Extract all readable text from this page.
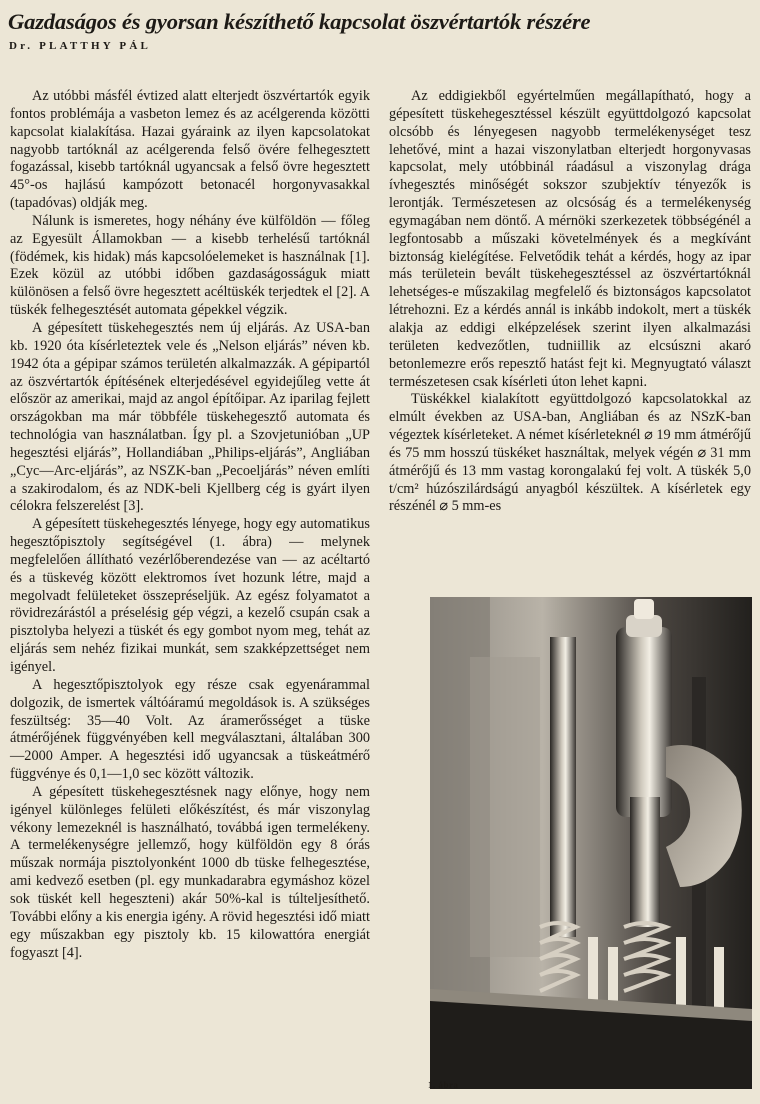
Gazdaságos és gyorsan készíthető kapcsolat öszvértartók részére
Dr. PLATTHY PÁL

Az utóbbi másfél évtized alatt elterjedt öszvértartók egyik fontos problémája a vasbeton lemez és az acélgerenda közötti kapcsolat kialakítása. Hazai gyáraink az ilyen kapcsolatokat nagyobb tartóknál az acélgerenda felső övére felhegesztett fogazással, kisebb tartóknál ugyancsak a felső övre hegesztett 45°-os hajlású kampózott betonacél horgonyvasakkal (tapadóvas) oldják meg.

Nálunk is ismeretes, hogy néhány éve külföldön — főleg az Egyesült Államokban — a kisebb terhelésű tartóknál (födémek, kis hidak) más kapcsolóelemeket is használnak [1]. Ezek közül az utóbbi időben gazdaságosságuk miatt különösen a felső övre hegesztett acéltüskék terjedtek el [2]. A tüskék felhegesztését automata gépekkel végzik.

A gépesített tüskehegesztés nem új eljárás. Az USA-ban kb. 1920 óta kísérleteztek vele és „Nelson eljárás” néven kb. 1942 óta a gépipar számos területén alkalmazzák. A gépipartól az öszvértartók építésének elterjedésével egyidejűleg vette át először az amerikai, majd az angol építőipar. Az iparilag fejlett országokban ma már többféle tüskehegesztő automata és technológia van használatban. Így pl. a Szovjetunióban „UP hegesztési eljárás”, Hollandiában „Philips-eljárás”, Angliában „Cyc—Arc-eljárás”, az NSZK-ban „Pecoeljárás” néven említi a szakirodalom, és az NDK-beli Kjellberg cég is gyárt ilyen célokra felszerelést [3].

A gépesített tüskehegesztés lényege, hogy egy automatikus hegesztőpisztoly segítségével (1. ábra) — melynek megfelelően állítható vezérlőberendezése van — az acéltartó és a tüskevég között elektromos ívet hozunk létre, majd a megolvadt felületeket összepréseljük. Az egész folyamatot a rövidrezárástól a préselésig gép végzi, a kezelő csupán csak a pisztolyba helyezi a tüskét és egy gombot nyom meg, tehát az eljárás sem nehéz fizikai munkát, sem szakképzettséget nem igényel.

A hegesztőpisztolyok egy része csak egyenárammal dolgozik, de ismertek váltóáramú megoldások is. A szükséges feszültség: 35—40 Volt. Az áramerősséget a tüske átmérőjének függvényében kell megválasztani, általában 300—2000 Amper. A hegesztési idő ugyancsak a tüskeátmérő függvénye és 0,1—1,0 sec között változik.

A gépesített tüskehegesztésnek nagy előnye, hogy nem igényel különleges felületi előkészítést, és már viszonylag vékony lemezeknél is használható, továbbá igen termelékeny. A termelékenységre jellemző, hogy külföldön egy 8 órás műszak normája pisztolyonként 1000 db tüske felhegesztése, ami kedvező esetben (pl. egy munkadarabra egymáshoz közel sok tüskét kell hegeszteni) akár 50%-kal is túlteljesíthető. További előny a kis energia igény. A rövid hegesztési idő miatt egy műszakban egy pisztoly kb. 15 kilowattóra energiát fogyaszt [4].

Az eddigiekből egyértelműen megállapítható, hogy a gépesített tüskehegesztéssel készült együttdolgozó kapcsolat olcsóbb és lényegesen nagyobb termelékenységet tesz lehetővé, mint a hazai viszonylatban elterjedt horgonyvasas kapcsolat, mely utóbbinál ráadásul a viszonylag drága ívhegesztés minőségét sokszor szubjektív tényezők is lerontják. Természetesen az olcsóság és a termelékenység egymagában nem döntő. A mérnöki szerkezetek többségénél a legfontosabb a műszaki követelmények és a megkívánt biztonság kielégítése. Felvetődik tehát a kérdés, hogy az ipar más területein bevált tüskehegesztéssel az öszvértartóknál lehetséges-e műszakilag megfelelő és biztonságos kapcsolatot létrehozni. Ez a kérdés annál is inkább indokolt, mert a tüskék alakja az eddigi elképzelések szerint ilyen alkalmazási területen kedvezőtlen, tudniillik az elcsúszni akaró betonlemezre erős repesztő hatást fejt ki. Megnyugtató választ természetesen csak kísérleti úton lehet kapni.

Tüskékkel kialakított együttdolgozó kapcsolatokkal az elmúlt években az USA-ban, Angliában és az NSzK-ban végeztek kísérleteket. A német kísérleteknél ⌀ 19 mm átmérőjű és 75 mm hosszú tüskéket használtak, melyek végén ⌀ 31 mm átmérőjű és 13 mm vastag korongalakú fej volt. A tüskék 5,0 t/cm² húzószilárdságú anyagból készültek. A kísérletek egy részénél ⌀ 5 mm-es

1. ábra
